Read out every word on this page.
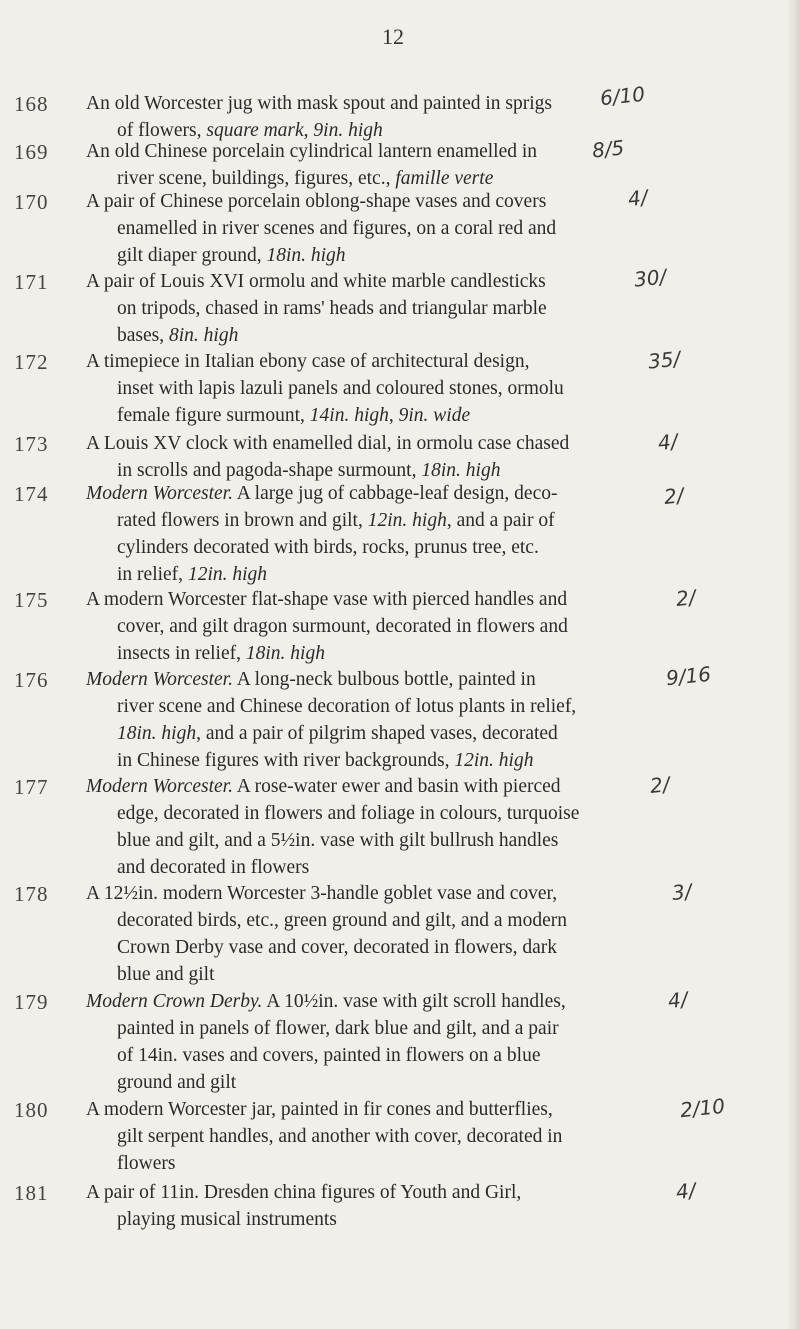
12
168	An old Worcester jug with mask spout and painted in sprigs
of flowers, square mark, 9in. high
6/10
169	An old Chinese porcelain cylindrical lantern enamelled in
river scene, buildings, figures, etc., famille verte
8/5
170	A pair of Chinese porcelain oblong-shape vases and covers
enamelled in river scenes and figures, on a coral red and
gilt diaper ground, 18in. high
4/
171	A pair of Louis XVI ormolu and white marble candlesticks
on tripods, chased in rams' heads and triangular marble
bases, 8in. high
30/
172	A timepiece in Italian ebony case of architectural design,
inset with lapis lazuli panels and coloured stones, ormolu
female figure surmount, 14in. high, 9in. wide
35/
173	A Louis XV clock with enamelled dial, in ormolu case chased
in scrolls and pagoda-shape surmount, 18in. high
4/
174	Modern Worcester. A large jug of cabbage-leaf design, deco-
rated flowers in brown and gilt, 12in. high, and a pair of
cylinders decorated with birds, rocks, prunus tree, etc.
in relief, 12in. high
2/
175	A modern Worcester flat-shape vase with pierced handles and
cover, and gilt dragon surmount, decorated in flowers and
insects in relief, 18in. high
2/
176	Modern Worcester. A long-neck bulbous bottle, painted in
river scene and Chinese decoration of lotus plants in relief,
18in. high, and a pair of pilgrim shaped vases, decorated
in Chinese figures with river backgrounds, 12in. high
9/16
177	Modern Worcester. A rose-water ewer and basin with pierced
edge, decorated in flowers and foliage in colours, turquoise
blue and gilt, and a 5½in. vase with gilt bullrush handles
and decorated in flowers
2/
178	A 12½in. modern Worcester 3-handle goblet vase and cover,
decorated birds, etc., green ground and gilt, and a modern
Crown Derby vase and cover, decorated in flowers, dark
blue and gilt
3/
179	Modern Crown Derby. A 10½in. vase with gilt scroll handles,
painted in panels of flower, dark blue and gilt, and a pair
of 14in. vases and covers, painted in flowers on a blue
ground and gilt
4/
180	A modern Worcester jar, painted in fir cones and butterflies,
gilt serpent handles, and another with cover, decorated in
flowers
2/10
181	A pair of 11in. Dresden china figures of Youth and Girl,
playing musical instruments
4/
